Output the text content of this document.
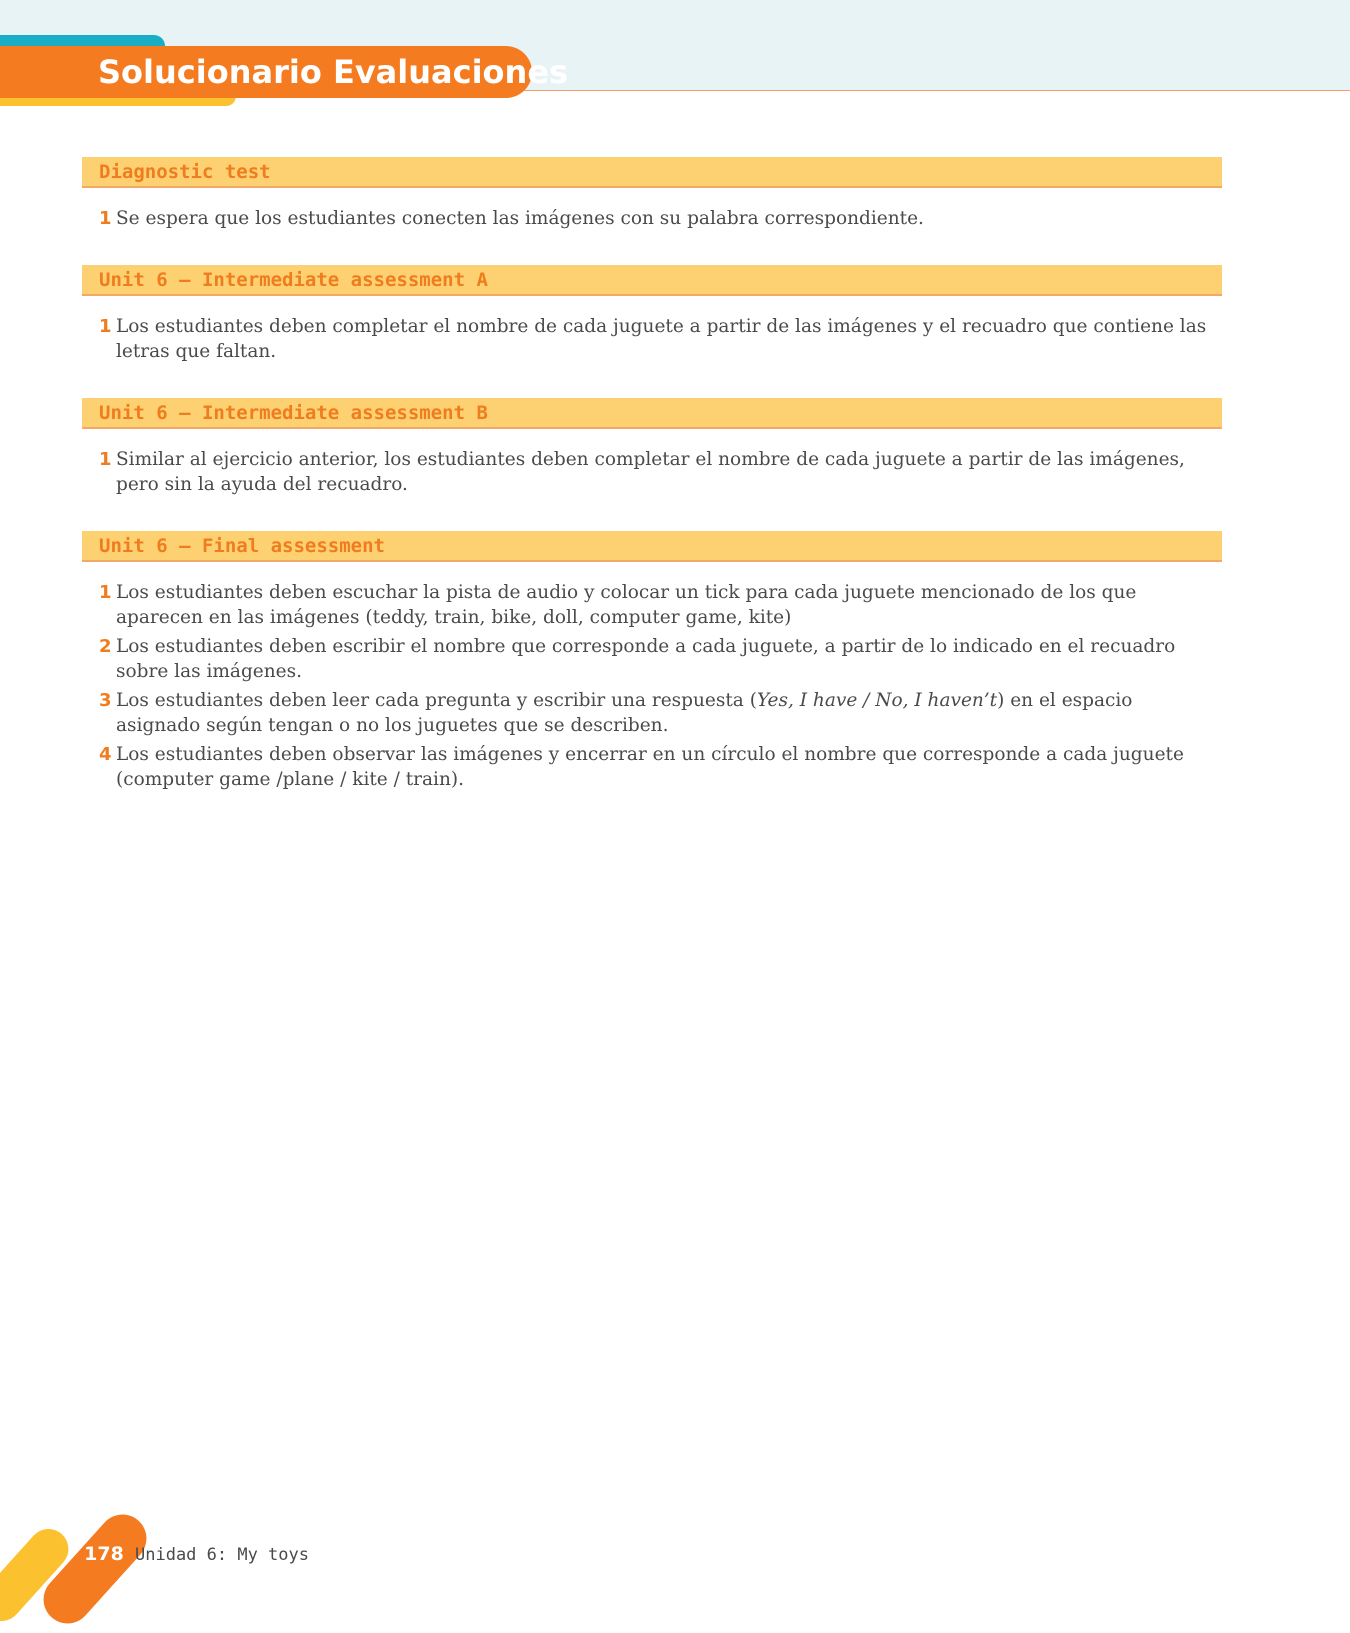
Solucionario Evaluaciones
Diagnostic test
1 Se espera que los estudiantes conecten las imágenes con su palabra correspondiente.
Unit 6 – Intermediate assessment A
1 Los estudiantes deben completar el nombre de cada juguete a partir de las imágenes y el recuadro que contiene las letras que faltan.
Unit 6 – Intermediate assessment B
1 Similar al ejercicio anterior, los estudiantes deben completar el nombre de cada juguete a partir de las imágenes, pero sin la ayuda del recuadro.
Unit 6 – Final assessment
1 Los estudiantes deben escuchar la pista de audio y colocar un tick para cada juguete mencionado de los que aparecen en las imágenes (teddy, train, bike, doll, computer game, kite)
2 Los estudiantes deben escribir el nombre que corresponde a cada juguete, a partir de lo indicado en el recuadro sobre las imágenes.
3 Los estudiantes deben leer cada pregunta y escribir una respuesta (Yes, I have / No, I haven’t) en el espacio asignado según tengan o no los juguetes que se describen.
4 Los estudiantes deben observar las imágenes y encerrar en un círculo el nombre que corresponde a cada juguete (computer game /plane / kite / train).
178 Unidad 6: My toys
